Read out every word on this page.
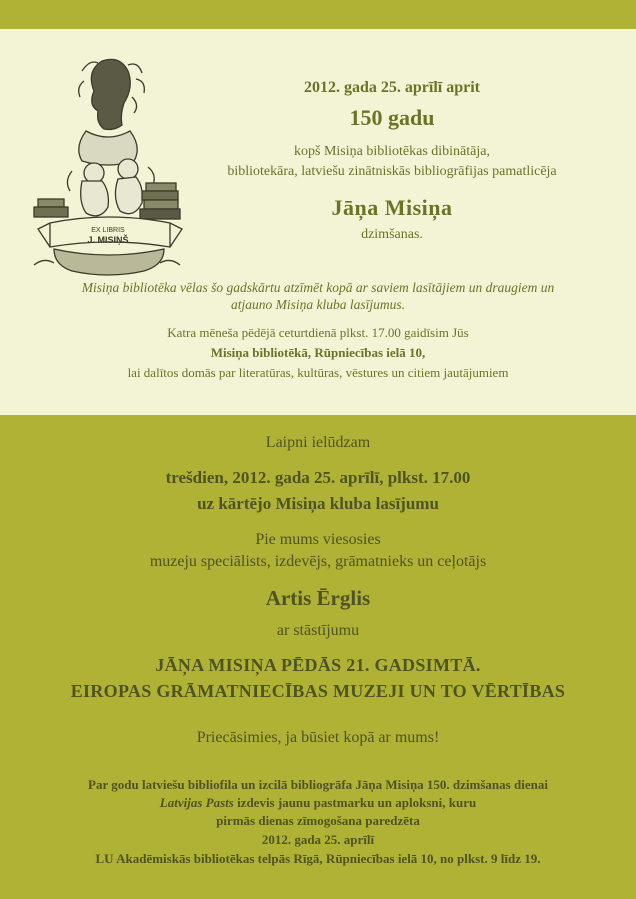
EX LIBRIS
J. MISIŅŠ
2012. gada 25. aprīlī aprit
150 gadu
kopš Misiņa bibliotēkas dibinātāja,
bibliotekāra, latviešu zinātniskās bibliogrāfijas pamatlicēja
Jāņa Misiņa
dzimšanas.
Misiņa bibliotēka vēlas šo gadskārtu atzīmēt kopā ar saviem lasītājiem un draugiem un
atjauno Misiņa kluba lasījumus.
Katra mēneša pēdējā ceturtdienā plkst. 17.00 gaidīsim Jūs
Misiņa bibliotēkā, Rūpniecības ielā 10,
lai dalītos domās par literatūras, kultūras, vēstures un citiem jautājumiem
Laipni ielūdzam
trešdien, 2012. gada 25. aprīlī, plkst. 17.00
uz kārtējo Misiņa kluba lasījumu
Pie mums viesosies
muzeju speciālists, izdevējs, grāmatnieks un ceļotājs
Artis Ērglis
ar stāstījumu
JĀŅA MISIŅA PĒDĀS 21. GADSIMTĀ.
EIROPAS GRĀMATNIECĪBAS MUZEJI UN TO VĒRTĪBAS
Priecāsimies, ja būsiet kopā ar mums!
Par godu latviešu bibliofila un izcilā bibliogrāfa Jāņa Misiņa 150. dzimšanas dienai
Latvijas Pasts izdevis jaunu pastmarku un aploksni, kuru
pirmās dienas zīmogošana paredzēta
2012. gada 25. aprīlī
LU Akadēmiskās bibliotēkas telpās Rīgā, Rūpniecības ielā 10, no plkst. 9 līdz 19.
